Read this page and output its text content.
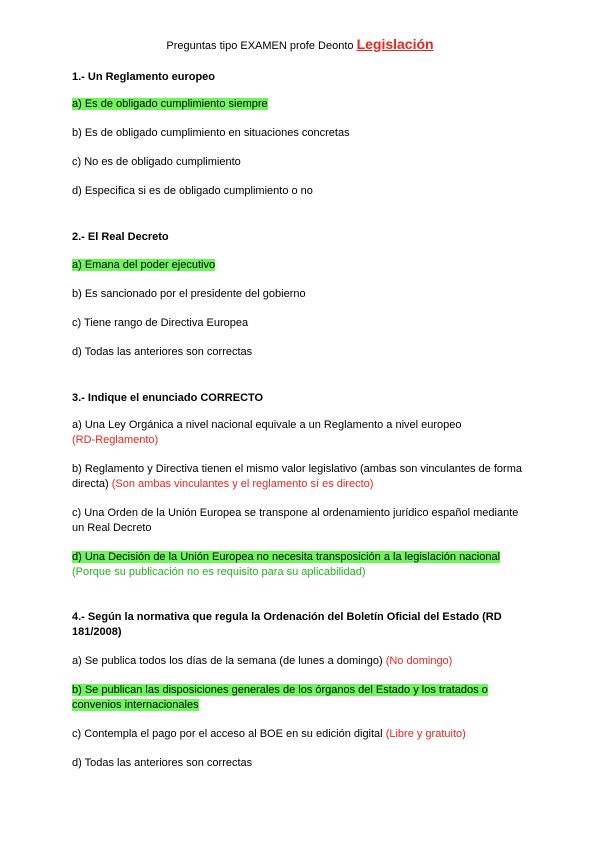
Preguntas tipo EXAMEN profe Deonto Legislación
1.- Un Reglamento europeo
a) Es de obligado cumplimiento siempre
b) Es de obligado cumplimiento en situaciones concretas
c) No es de obligado cumplimiento
d) Especifica si es de obligado cumplimiento o no
2.- El Real Decreto
a) Emana del poder ejecutivo
b) Es sancionado por el presidente del gobierno
c) Tiene rango de Directiva Europea
d) Todas las anteriores son correctas
3.- Indique el enunciado CORRECTO
a) Una Ley Orgánica a nivel nacional equivale a un Reglamento a nivel europeo
(RD-Reglamento)
b) Reglamento y Directiva tienen el mismo valor legislativo (ambas son vinculantes de forma directa) (Son ambas vinculantes y el reglamento sí es directo)
c) Una Orden de la Unión Europea se transpone al ordenamiento jurídico español mediante un Real Decreto
d) Una Decisión de la Unión Europea no necesita transposición a la legislación nacional
(Porque su publicación no es requisito para su aplicabilidad)
4.- Según la normativa que regula la Ordenación del Boletín Oficial del Estado (RD 181/2008)
a) Se publica todos los días de la semana (de lunes a domingo) (No domingo)
b) Se publican las disposiciones generales de los órganos del Estado y los tratados o convenios internacionales
c) Contempla el pago por el acceso al BOE en su edición digital (Libre y gratuito)
d) Todas las anteriores son correctas
